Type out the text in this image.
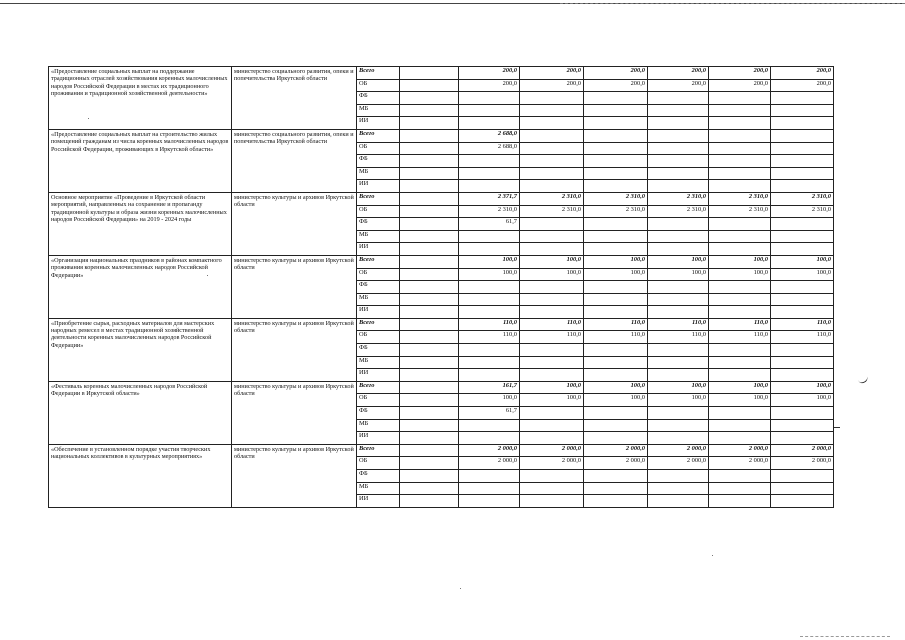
«Предоставление социальных выплат на поддержание традиционных отраслей хозяйствования коренных малочисленных народов Российской Федерации в местах их традиционного проживания и традиционной хозяйственной деятельности»	министерство социального развития, опеки и попечительства Иркутской области	Всего		200,0	200,0	200,0	200,0	200,0	200,0
		ОБ		200,0	200,0	200,0	200,0	200,0	200,0
		ФБ							
		МБ							
		ИИ							
«Предоставление социальных выплат на строительство жилых помещений гражданам из числа коренных малочисленных народов Российской Федерации, проживающих в Иркутской области»	министерство социального развития, опеки и попечительства Иркутской области	Всего		2 688,0					
		ОБ		2 688,0					
		ФБ							
		МБ							
		ИИ							
Основное мероприятие «Проведение в Иркутской области мероприятий, направленных на сохранение и пропаганду традиционной культуры и образа жизни коренных малочисленных народов Российской Федерации» на 2019 - 2024 годы	министерство культуры и архивов Иркутской области	Всего		2 371,7	2 310,0	2 310,0	2 310,0	2 310,0	2 310,0
		ОБ		2 310,0	2 310,0	2 310,0	2 310,0	2 310,0	2 310,0
		ФБ		61,7					
		МБ							
		ИИ							
«Организация национальных праздников в районах компактного проживания коренных малочисленных народов Российской Федерации»	министерство культуры и архивов Иркутской области	Всего		100,0	100,0	100,0	100,0	100,0	100,0
		ОБ		100,0	100,0	100,0	100,0	100,0	100,0
		ФБ							
		МБ							
		ИИ							
«Приобретение сырья, расходных материалов для мастерских народных ремесел в местах традиционной хозяйственной деятельности коренных малочисленных народов Российской Федерации»	министерство культуры и архивов Иркутской области	Всего		110,0	110,0	110,0	110,0	110,0	110,0
		ОБ		110,0	110,0	110,0	110,0	110,0	110,0
		ФБ							
		МБ							
		ИИ							
«Фестиваль коренных малочисленных народов Российской Федерации в Иркутской области»	министерство культуры и архивов Иркутской области	Всего		161,7	100,0	100,0	100,0	100,0	100,0
		ОБ		100,0	100,0	100,0	100,0	100,0	100,0
		ФБ		61,7					
		МБ							
		ИИ							
«Обеспечение в установленном порядке участия творческих национальных коллективов в культурных мероприятиях»	министерство культуры и архивов Иркутской области	Всего		2 000,0	2 000,0	2 000,0	2 000,0	2 000,0	2 000,0
		ОБ		2 000,0	2 000,0	2 000,0	2 000,0	2 000,0	2 000,0
		ФБ							
		МБ							
		ИИ							
